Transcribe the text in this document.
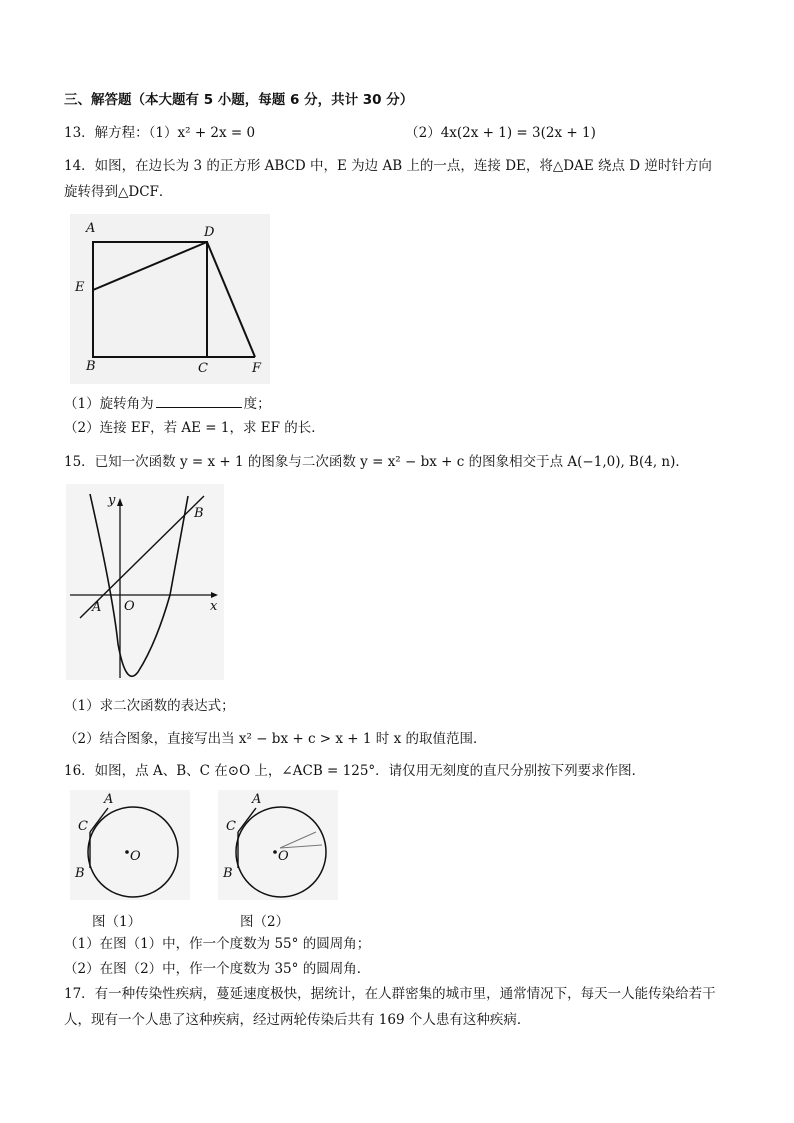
三、解答题（本大题有 5 小题，每题 6 分，共计 30 分）
13．解方程：（1）x² + 2x = 0	（2）4x(2x + 1) = 3(2x + 1)
14．如图，在边长为 3 的正方形 ABCD 中，E 为边 AB 上的一点，连接 DE，将△DAE 绕点 D 逆时针方向
旋转得到△DCF．
A	D
E
B	C	F
（1）旋转角为	度；
（2）连接 EF，若 AE = 1，求 EF 的长．
15．已知一次函数 y = x + 1 的图象与二次函数 y = x² − bx + c 的图象相交于点 A(−1,0), B(4, n)．
y
x
O
A
B
（1）求二次函数的表达式；
（2）结合图象，直接写出当 x² − bx + c > x + 1 时 x 的取值范围．
16．如图，点 A、B、C 在⊙O 上，∠ACB = 125°．请仅用无刻度的直尺分别按下列要求作图．
A
C
B
O
A
C
B
O
图（1）	图（2）
（1）在图（1）中，作一个度数为 55° 的圆周角；
（2）在图（2）中，作一个度数为 35° 的圆周角．
17．有一种传染性疾病，蔓延速度极快，据统计，在人群密集的城市里，通常情况下，每天一人能传染给若干
人，现有一个人患了这种疾病，经过两轮传染后共有 169 个人患有这种疾病．
